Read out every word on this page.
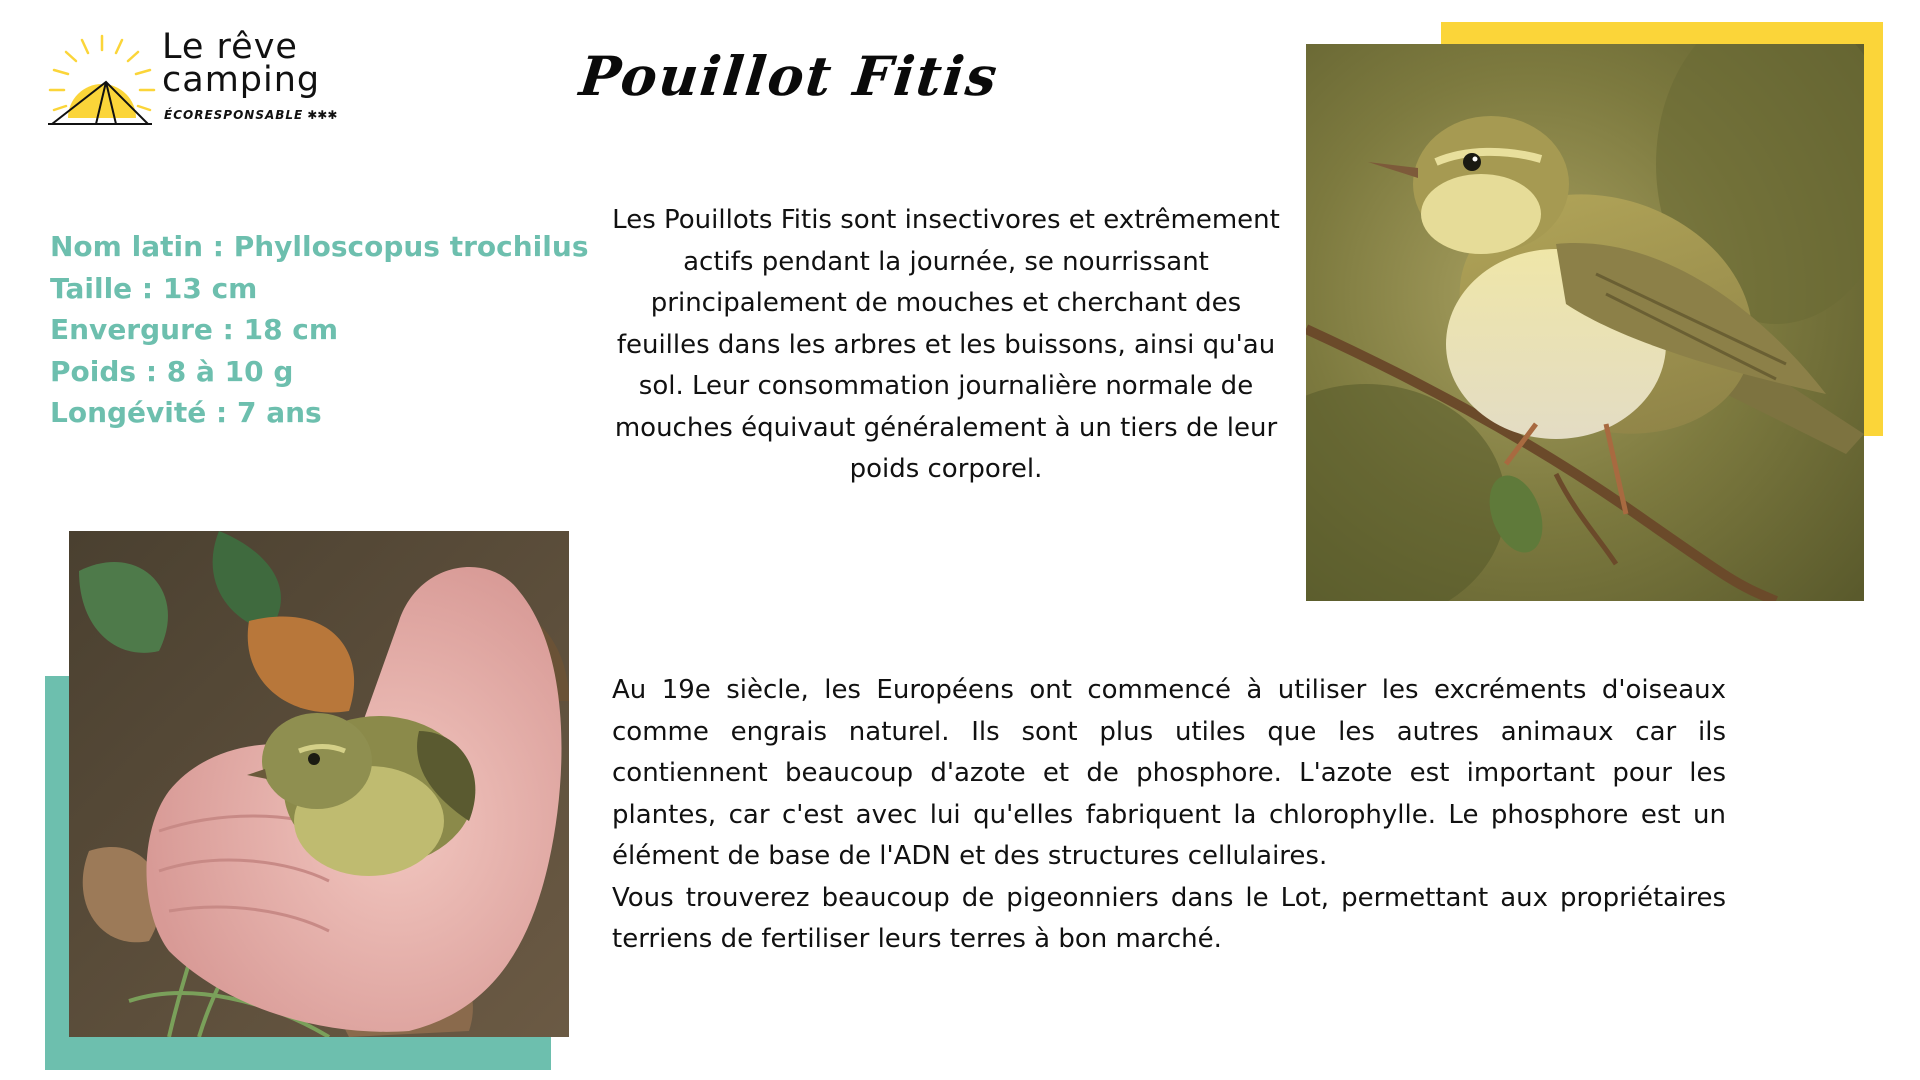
Le rêve
camping
ÉCORESPONSABLE ✱✱✱
Pouillot Fitis
Nom latin : Phylloscopus trochilus
Taille : 13 cm
Envergure : 18 cm
Poids : 8 à 10 g
Longévité : 7 ans

Les Pouillots Fitis sont insectivores et extrêmement actifs pendant la journée, se nourrissant principalement de mouches et cherchant des feuilles dans les arbres et les buissons, ainsi qu'au sol. Leur consommation journalière normale de mouches équivaut généralement à un tiers de leur poids corporel.

Au 19e siècle, les Européens ont commencé à utiliser les excréments d'oiseaux comme engrais naturel. Ils sont plus utiles que les autres animaux car ils contiennent beaucoup d'azote et de phosphore. L'azote est important pour les plantes, car c'est avec lui qu'elles fabriquent la chlorophylle. Le phosphore est un élément de base de l'ADN et des structures cellulaires.

Vous trouverez beaucoup de pigeonniers dans le Lot, permettant aux propriétaires terriens de fertiliser leurs terres à bon marché.
